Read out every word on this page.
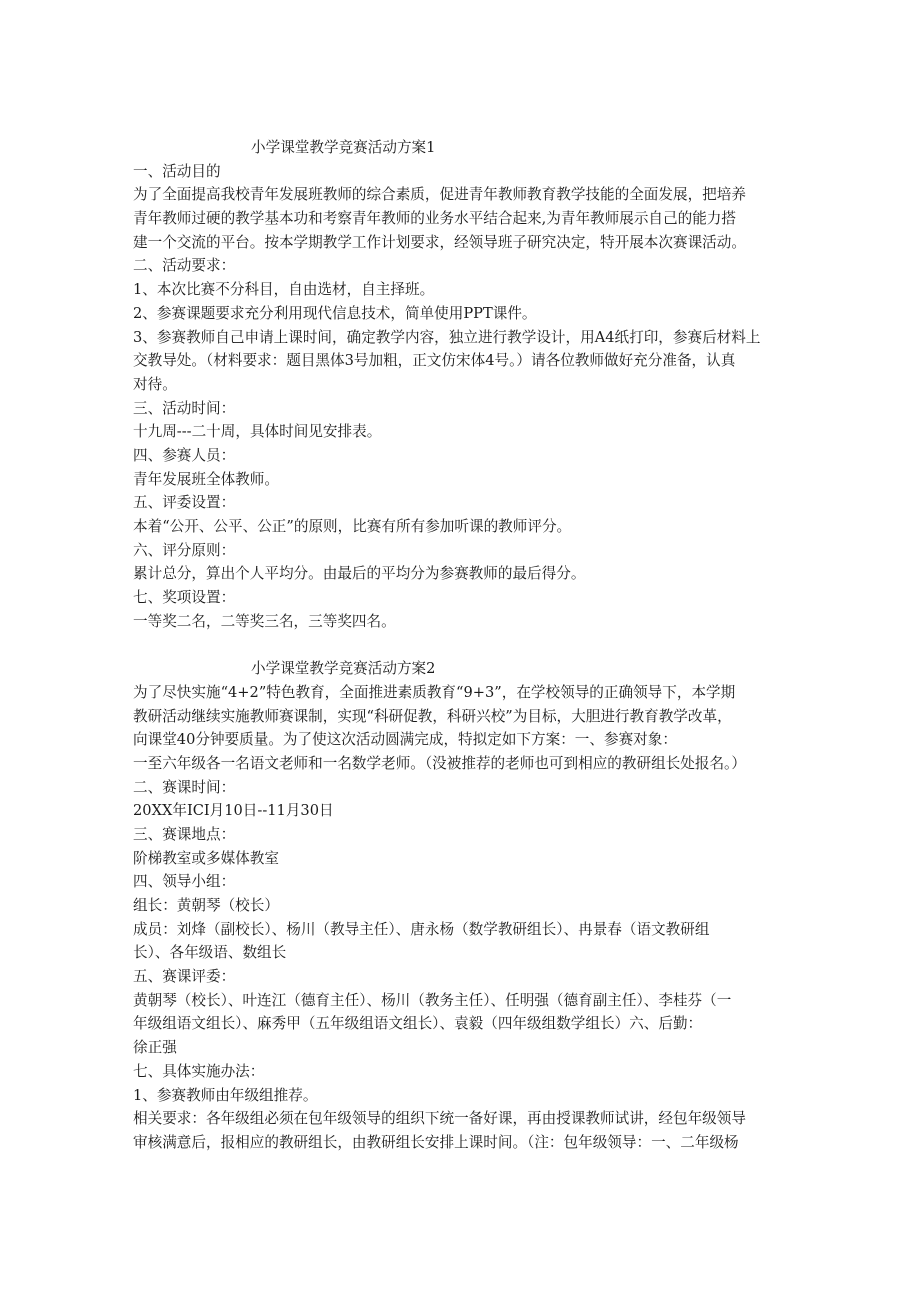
小学课堂教学竞赛活动方案1
一、活动目的
为了全面提高我校青年发展班教师的综合素质，促进青年教师教育教学技能的全面发展，把培养
青年教师过硬的教学基本功和考察青年教师的业务水平结合起来,为青年教师展示自己的能力搭
建一个交流的平台。按本学期教学工作计划要求，经领导班子研究决定，特开展本次赛课活动。
二、活动要求：
1、本次比赛不分科目，自由选材，自主择班。
2、参赛课题要求充分利用现代信息技术，简单使用PPT课件。
3、参赛教师自己申请上课时间，确定教学内容，独立进行教学设计，用A4纸打印，参赛后材料上
交教导处。（材料要求：题目黑体3号加粗，正文仿宋体4号。）请各位教师做好充分准备，认真
对待。
三、活动时间：
十九周---二十周，具体时间见安排表。
四、参赛人员：
青年发展班全体教师。
五、评委设置：
本着“公开、公平、公正”的原则，比赛有所有参加听课的教师评分。
六、评分原则：
累计总分，算出个人平均分。由最后的平均分为参赛教师的最后得分。
七、奖项设置：
一等奖二名，二等奖三名，三等奖四名。
小学课堂教学竞赛活动方案2
为了尽快实施“4+2”特色教育，全面推进素质教育“9+3”，在学校领导的正确领导下，本学期
教研活动继续实施教师赛课制，实现“科研促教，科研兴校”为目标，大胆进行教育教学改革，
向课堂40分钟要质量。为了使这次活动圆满完成，特拟定如下方案：一、参赛对象：
一至六年级各一名语文老师和一名数学老师。（没被推荐的老师也可到相应的教研组长处报名。）
二、赛课时间：
20XX年ICI月10日--11月30日
三、赛课地点：
阶梯教室或多媒体教室
四、领导小组：
组长：黄朝琴（校长）
成员：刘烽（副校长）、杨川（教导主任）、唐永杨（数学教研组长）、冉景春（语文教研组
长）、各年级语、数组长
五、赛课评委：
黄朝琴（校长）、叶连江（德育主任）、杨川（教务主任）、任明强（德育副主任）、李桂芬（一
年级组语文组长）、麻秀甲（五年级组语文组长）、袁毅（四年级组数学组长）六、后勤：
徐正强
七、具体实施办法：
1、参赛教师由年级组推荐。
相关要求：各年级组必须在包年级领导的组织下统一备好课，再由授课教师试讲，经包年级领导
审核满意后，报相应的教研组长，由教研组长安排上课时间。（注：包年级领导：一、二年级杨
